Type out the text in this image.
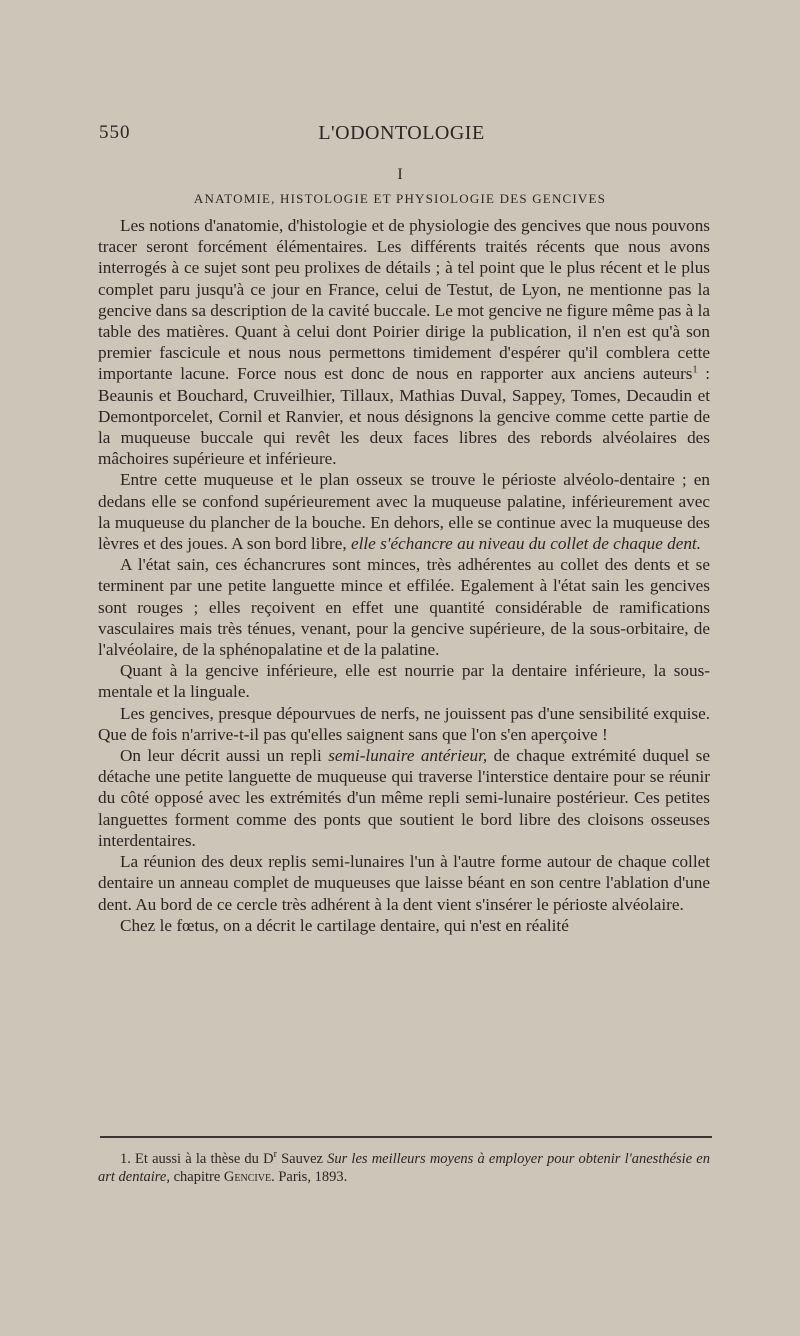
550	L'ODONTOLOGIE
I
ANATOMIE, HISTOLOGIE ET PHYSIOLOGIE DES GENCIVES

Les notions d'anatomie, d'histologie et de physiologie des gencives que nous pouvons tracer seront forcément élémentaires. Les différents traités récents que nous avons interrogés à ce sujet sont peu prolixes de détails ; à tel point que le plus récent et le plus complet paru jusqu'à ce jour en France, celui de Testut, de Lyon, ne mentionne pas la gencive dans sa description de la cavité buccale. Le mot gencive ne figure même pas à la table des matières. Quant à celui dont Poirier dirige la publication, il n'en est qu'à son premier fascicule et nous nous permettons timidement d'espérer qu'il comblera cette importante lacune. Force nous est donc de nous en rapporter aux anciens auteurs$^1$ : Beaunis et Bouchard, Cruveilhier, Tillaux, Mathias Duval, Sappey, Tomes, Decaudin et Demontporcelet, Cornil et Ranvier, et nous désignons la gencive comme cette partie de la muqueuse buccale qui revêt les deux faces libres des rebords alvéolaires des mâchoires supérieure et inférieure.

Entre cette muqueuse et le plan osseux se trouve le périoste alvéolo-dentaire ; en dedans elle se confond supérieurement avec la muqueuse palatine, inférieurement avec la muqueuse du plancher de la bouche. En dehors, elle se continue avec la muqueuse des lèvres et des joues. A son bord libre, elle s'échancre au niveau du collet de chaque dent.

A l'état sain, ces échancrures sont minces, très adhérentes au collet des dents et se terminent par une petite languette mince et effilée. Egalement à l'état sain les gencives sont rouges ; elles reçoivent en effet une quantité considérable de ramifications vasculaires mais très ténues, venant, pour la gencive supérieure, de la sous-orbitaire, de l'alvéolaire, de la sphénopalatine et de la palatine.

Quant à la gencive inférieure, elle est nourrie par la dentaire inférieure, la sous-mentale et la linguale.

Les gencives, presque dépourvues de nerfs, ne jouissent pas d'une sensibilité exquise. Que de fois n'arrive-t-il pas qu'elles saignent sans que l'on s'en aperçoive !

On leur décrit aussi un repli semi-lunaire antérieur, de chaque extrémité duquel se détache une petite languette de muqueuse qui traverse l'interstice dentaire pour se réunir du côté opposé avec les extrémités d'un même repli semi-lunaire postérieur. Ces petites languettes forment comme des ponts que soutient le bord libre des cloisons osseuses interdentaires.

La réunion des deux replis semi-lunaires l'un à l'autre forme autour de chaque collet dentaire un anneau complet de muqueuses que laisse béant en son centre l'ablation d'une dent. Au bord de ce cercle très adhérent à la dent vient s'insérer le périoste alvéolaire.

Chez le fœtus, on a décrit le cartilage dentaire, qui n'est en réalité

1. Et aussi à la thèse du $D^r$ Sauvez Sur les meilleurs moyens à employer pour obtenir l'anesthésie en art dentaire, chapitre Gencive. Paris, 1893.
